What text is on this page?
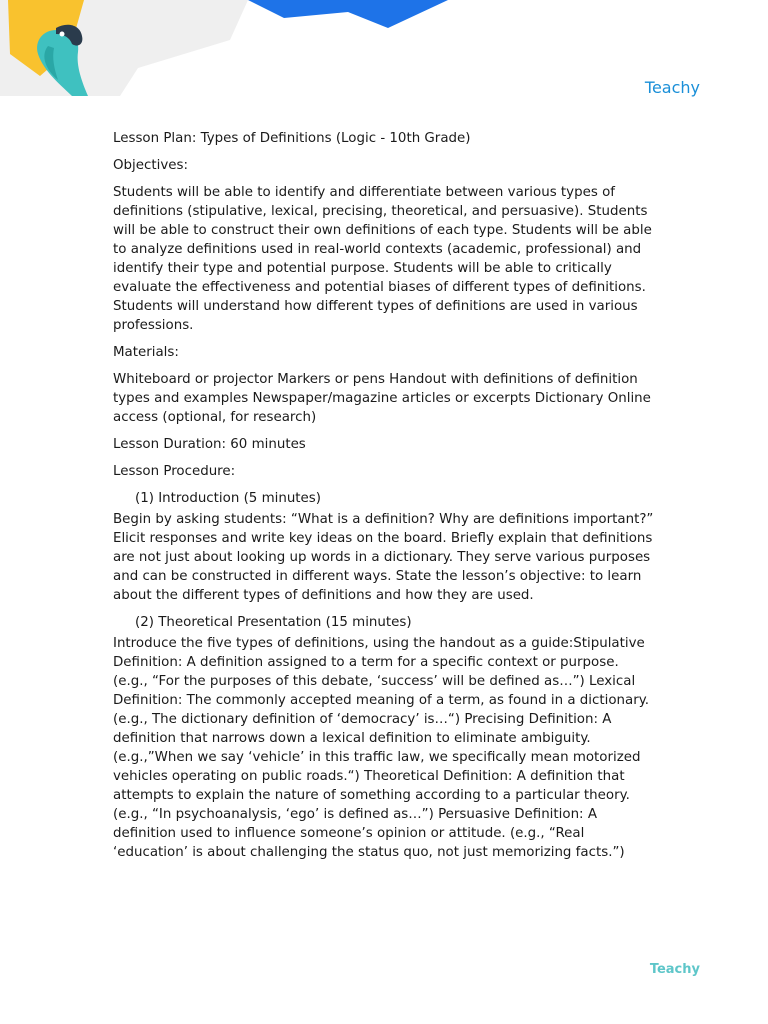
Teachy

Lesson Plan: Types of Definitions (Logic - 10th Grade)

Objectives:

Students will be able to identify and differentiate between various types of definitions (stipulative, lexical, precising, theoretical, and persuasive). Students will be able to construct their own definitions of each type. Students will be able to analyze definitions used in real-world contexts (academic, professional) and identify their type and potential purpose. Students will be able to critically evaluate the effectiveness and potential biases of different types of definitions. Students will understand how different types of definitions are used in various professions.

Materials:

Whiteboard or projector Markers or pens Handout with definitions of definition types and examples Newspaper/magazine articles or excerpts Dictionary Online access (optional, for research)

Lesson Duration: 60 minutes

Lesson Procedure:

(1) Introduction (5 minutes)

Begin by asking students: “What is a definition? Why are definitions important?” Elicit responses and write key ideas on the board. Briefly explain that definitions are not just about looking up words in a dictionary. They serve various purposes and can be constructed in different ways. State the lesson’s objective: to learn about the different types of definitions and how they are used.

(2) Theoretical Presentation (15 minutes)

Introduce the five types of definitions, using the handout as a guide:Stipulative Definition: A definition assigned to a term for a specific context or purpose. (e.g., “For the purposes of this debate, ‘success’ will be defined as…”) Lexical Definition: The commonly accepted meaning of a term, as found in a dictionary. (e.g., The dictionary definition of ‘democracy’ is…“) Precising Definition: A definition that narrows down a lexical definition to eliminate ambiguity. (e.g.,”When we say ‘vehicle’ in this traffic law, we specifically mean motorized vehicles operating on public roads.“) Theoretical Definition: A definition that attempts to explain the nature of something according to a particular theory. (e.g., “In psychoanalysis, ‘ego’ is defined as…”) Persuasive Definition: A definition used to influence someone’s opinion or attitude. (e.g., “Real ‘education’ is about challenging the status quo, not just memorizing facts.”)

Teachy
